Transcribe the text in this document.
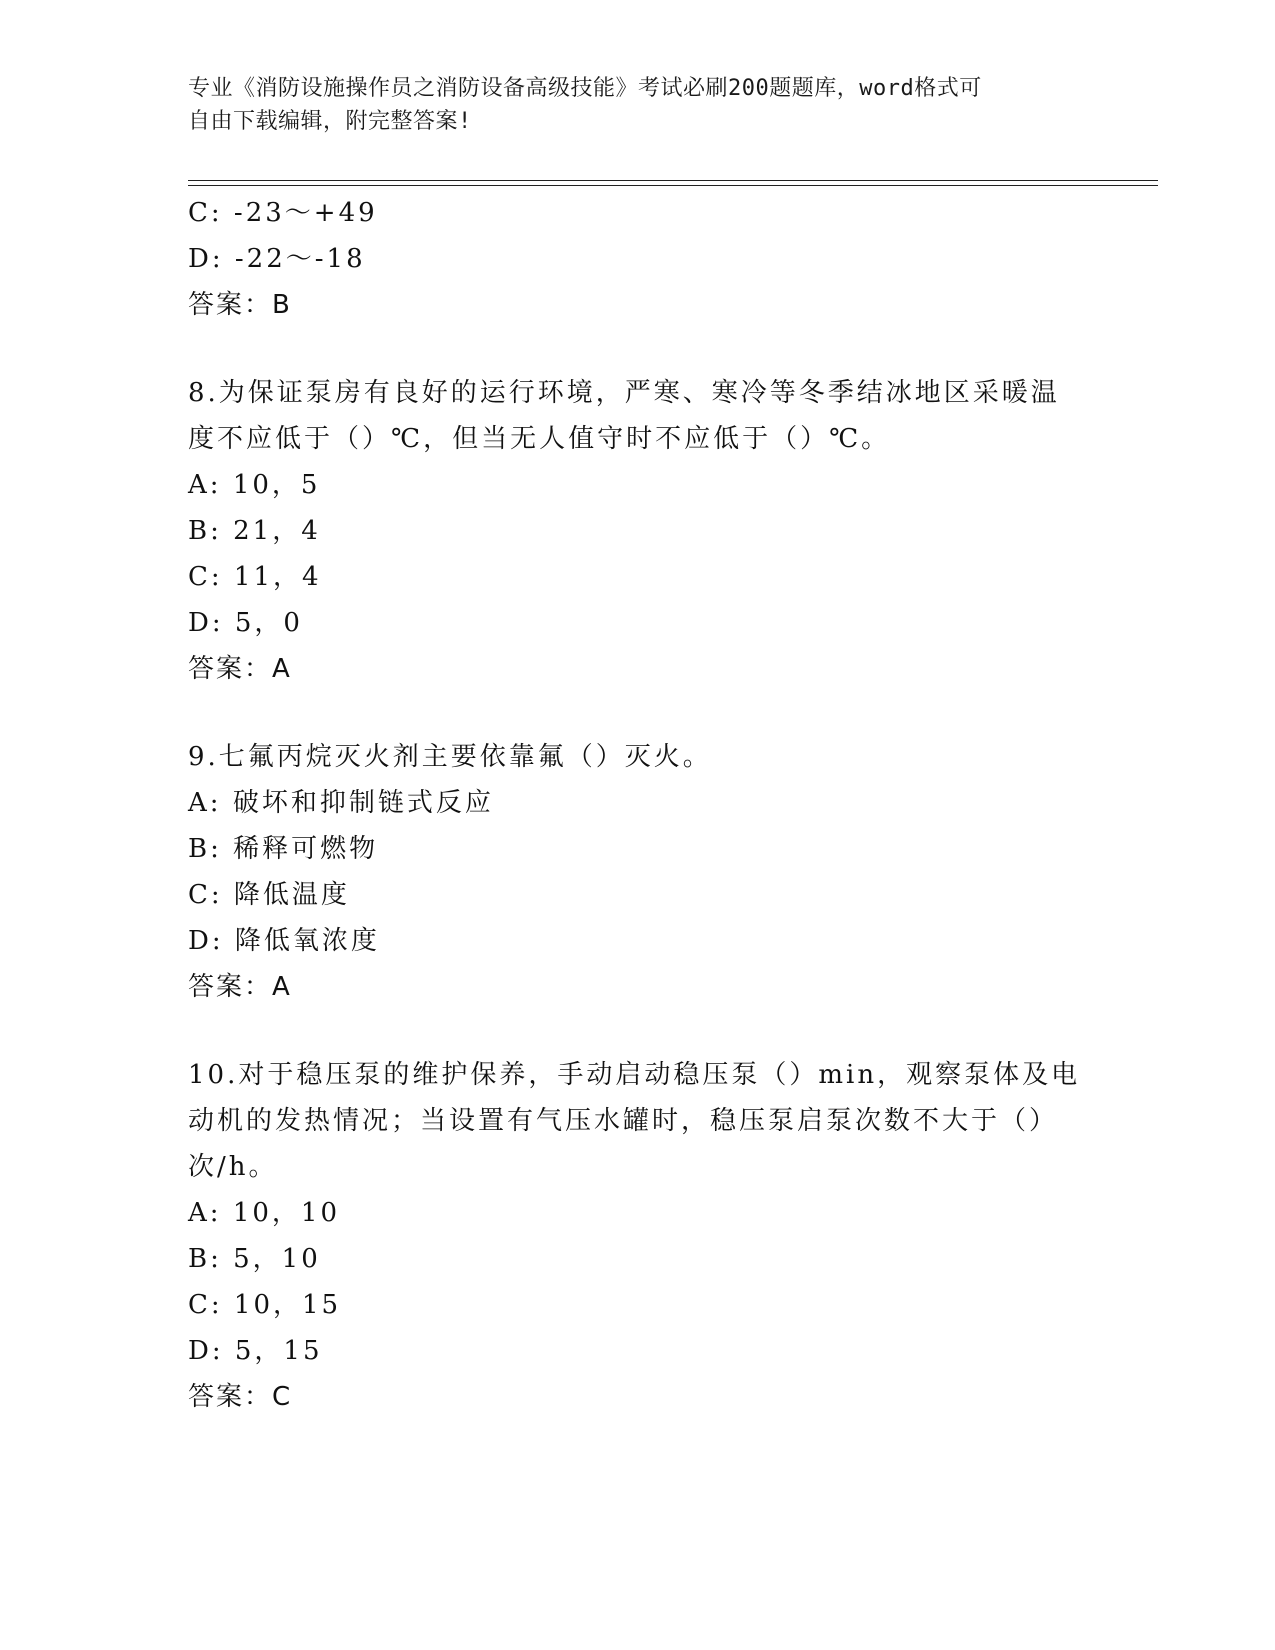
专业《消防设施操作员之消防设备高级技能》考试必刷200题题库，word格式可
自由下载编辑，附完整答案!
C: -23～+49
D: -22～-18
答案：B
8.为保证泵房有良好的运行环境，严寒、寒冷等冬季结冰地区采暖温
度不应低于（）℃，但当无人值守时不应低于（）℃。
A: 10，5
B: 21，4
C: 11，4
D: 5，0
答案：A
9.七氟丙烷灭火剂主要依靠氟（）灭火。
A: 破坏和抑制链式反应
B: 稀释可燃物
C: 降低温度
D: 降低氧浓度
答案：A
10.对于稳压泵的维护保养，手动启动稳压泵（）min，观察泵体及电
动机的发热情况；当设置有气压水罐时，稳压泵启泵次数不大于（）
次/h。
A: 10，10
B: 5，10
C: 10，15
D: 5，15
答案：C
